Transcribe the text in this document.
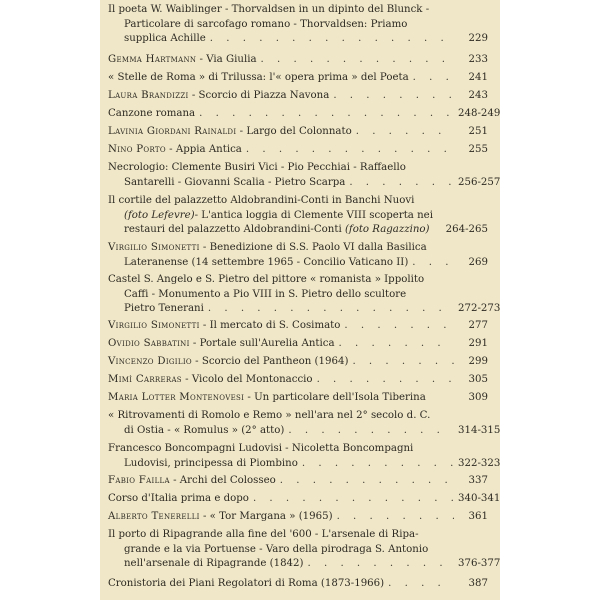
Il poeta W. Waiblinger - Thorvaldsen in un dipinto del Blunck -
Particolare di sarcofago romano - Thorvaldsen: Priamo
supplica Achille . . .	229
Gemma Hartmann - Via Giulia . . .	233
« Stelle de Roma » di Trilussa: l'« opera prima » del Poeta . . .	241
Laura Brandizzi - Scorcio di Piazza Navona . . .	243
Canzone romana . . .	248-249
Lavinia Giordani Rainaldi - Largo del Colonnato . . .	251
Nino Porto - Appia Antica . . .	255
Necrologio: Clemente Busiri Vici - Pio Pecchiai - Raffaello
Santarelli - Giovanni Scalia - Pietro Scarpa . . .	256-257
Il cortile del palazzetto Aldobrandini-Conti in Banchi Nuovi
(foto Lefevre) - L'antica loggia di Clemente VIII scoperta nei
restauri del palazzetto Aldobrandini-Conti
(foto Ragazzino) 264-265
Virgilio Simonetti - Benedizione di S.S. Paolo VI dalla Basilica
Lateranense (14 settembre 1965 - Concilio Vaticano II) . . .	269
Castel S. Angelo e S. Pietro del pittore « romanista » Ippolito
Caffi - Monumento a Pio VIII in S. Pietro dello scultore
Pietro Tenerani . . .	272-273
Virgilio Simonetti - Il mercato di S. Cosimato . . .	277
Ovidio Sabbatini - Portale sull'Aurelia Antica . . .	291
Vincenzo Digilio - Scorcio del Pantheon (1964) . . .	299
Mimì Carreras - Vicolo del Montonaccio . . .	305
Maria Lotter Montenovesi - Un particolare dell'Isola Tiberina	309
« Ritrovamenti di Romolo e Remo » nell'ara nel 2° secolo d. C.
di Ostia - « Romulus » (2° atto) . . .	314-315
Francesco Boncompagni Ludovisi - Nicoletta Boncompagni
Ludovisi, principessa di Piombino . . .	322-323
Fabio Failla - Archi del Colosseo . . .	337
Corso d'Italia prima e dopo . . .	340-341
Alberto Tenerelli - « Tor Margana » (1965) . . .	361
Il porto di Ripagrande alla fine del '600 - L'arsenale di Ripa-
grande e la via Portuense - Varo della pirodraga S. Antonio
nell'arsenale di Ripagrande (1842) . . .	376-377
Cronistoria dei Piani Regolatori di Roma (1873-1966) . . .	387
